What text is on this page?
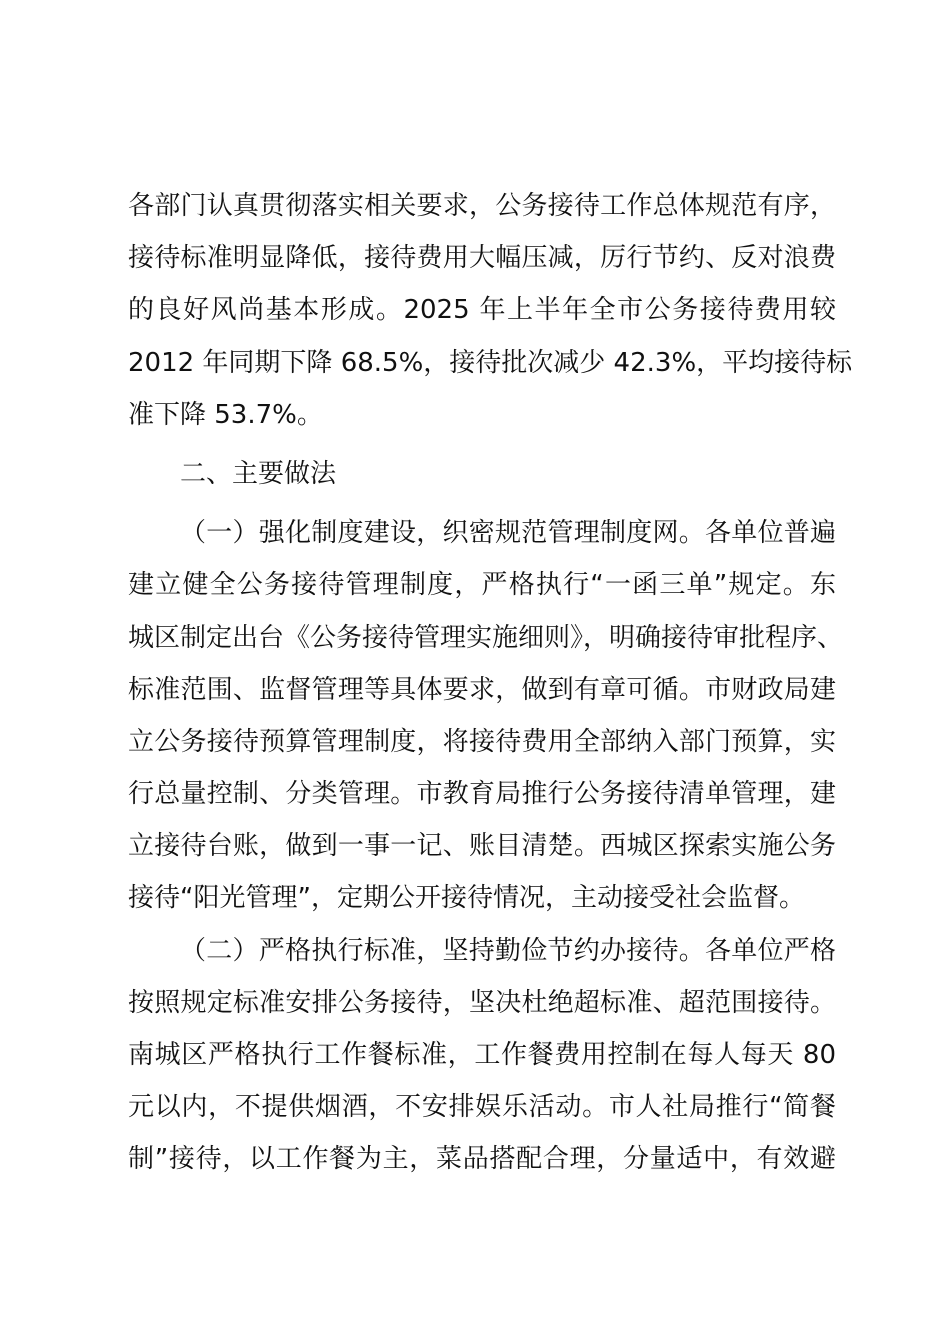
各部门认真贯彻落实相关要求，公务接待工作总体规范有序，
接待标准明显降低，接待费用大幅压减，厉行节约、反对浪费
的良好风尚基本形成。2025 年上半年全市公务接待费用较
2012 年同期下降 68.5%，接待批次减少 42.3%，平均接待标
准下降 53.7%。
二、主要做法
（一）强化制度建设，织密规范管理制度网。各单位普遍
建立健全公务接待管理制度，严格执行“一函三单”规定。东
城区制定出台《公务接待管理实施细则》，明确接待审批程序、
标准范围、监督管理等具体要求，做到有章可循。市财政局建
立公务接待预算管理制度，将接待费用全部纳入部门预算，实
行总量控制、分类管理。市教育局推行公务接待清单管理，建
立接待台账，做到一事一记、账目清楚。西城区探索实施公务
接待“阳光管理”，定期公开接待情况，主动接受社会监督。
（二）严格执行标准，坚持勤俭节约办接待。各单位严格
按照规定标准安排公务接待，坚决杜绝超标准、超范围接待。
南城区严格执行工作餐标准，工作餐费用控制在每人每天 80
元以内，不提供烟酒，不安排娱乐活动。市人社局推行“简餐
制”接待，以工作餐为主，菜品搭配合理，分量适中，有效避
